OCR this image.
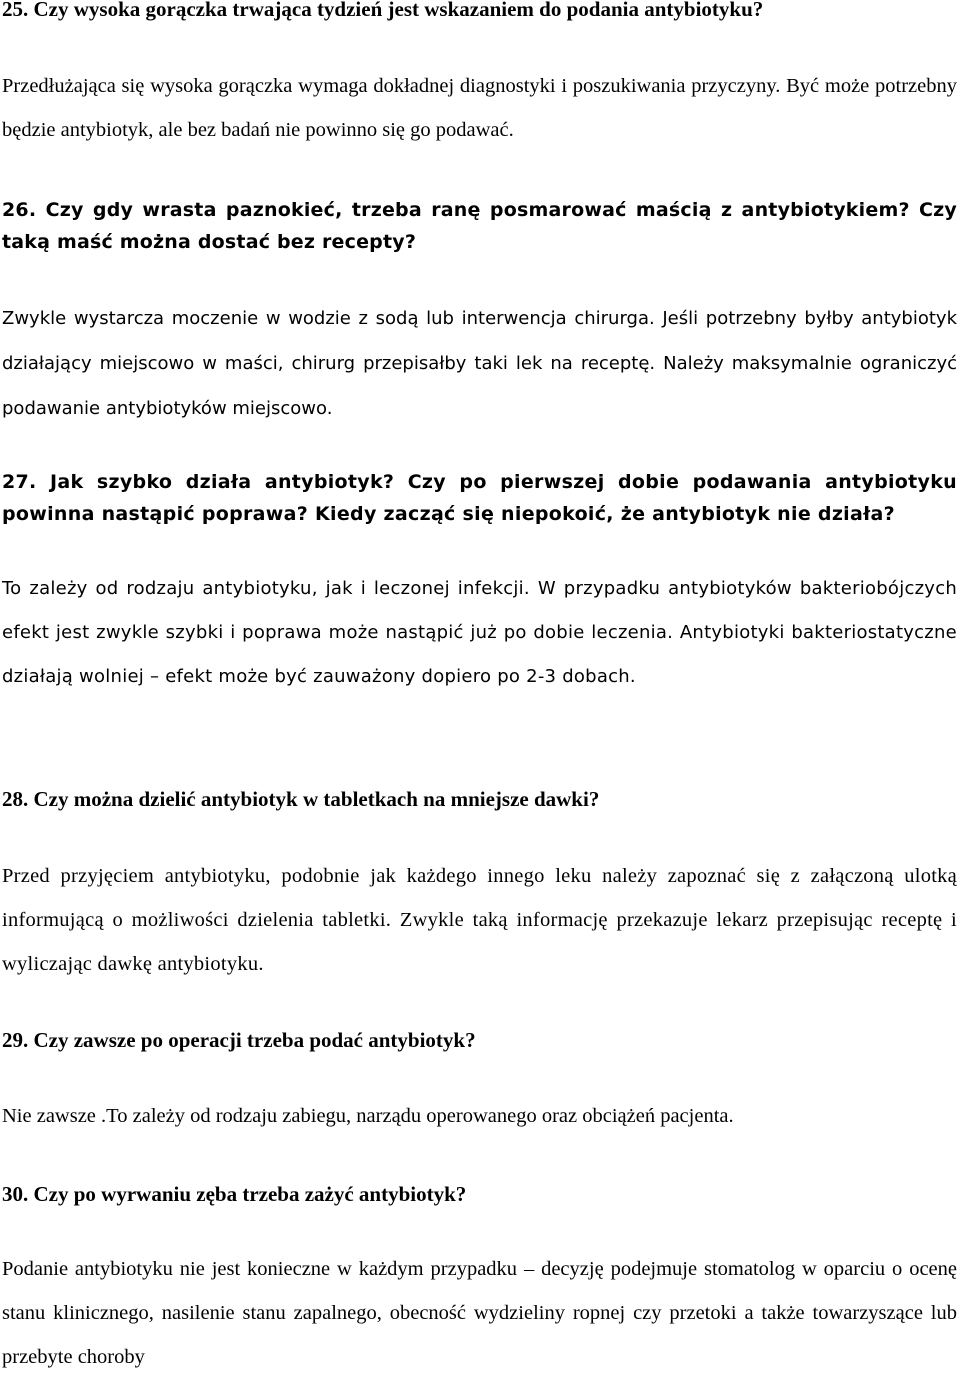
25. Czy wysoka gorączka trwająca tydzień jest wskazaniem do podania antybiotyku?

Przedłużająca się wysoka gorączka wymaga dokładnej diagnostyki i poszukiwania przyczyny. Być może potrzebny będzie antybiotyk, ale bez badań nie powinno się go podawać.

26. Czy gdy wrasta paznokieć, trzeba ranę posmarować maścią z antybiotykiem? Czy taką maść można dostać bez recepty?

Zwykle wystarcza moczenie w wodzie z sodą lub interwencja chirurga. Jeśli potrzebny byłby antybiotyk działający miejscowo w maści, chirurg przepisałby taki lek na receptę. Należy maksymalnie ograniczyć podawanie antybiotyków miejscowo.

27. Jak szybko działa antybiotyk? Czy po pierwszej dobie podawania antybiotyku powinna nastąpić poprawa? Kiedy zacząć się niepokoić, że antybiotyk nie działa?

To zależy od rodzaju antybiotyku, jak i leczonej infekcji. W przypadku antybiotyków bakteriobójczych efekt jest zwykle szybki i poprawa może nastąpić już po dobie leczenia. Antybiotyki bakteriostatyczne działają wolniej – efekt może być zauważony dopiero po 2-3 dobach.

28. Czy można dzielić antybiotyk w tabletkach na mniejsze dawki?

Przed przyjęciem antybiotyku, podobnie jak każdego innego leku należy zapoznać się z załączoną ulotką informującą o możliwości dzielenia tabletki. Zwykle taką informację przekazuje lekarz przepisując receptę i wyliczając dawkę antybiotyku.

29. Czy zawsze po operacji trzeba podać antybiotyk?

Nie zawsze .To zależy od rodzaju zabiegu, narządu operowanego oraz obciążeń pacjenta.

30. Czy po wyrwaniu zęba trzeba zażyć antybiotyk?

Podanie antybiotyku nie jest konieczne w każdym przypadku – decyzję podejmuje stomatolog w oparciu o ocenę stanu klinicznego, nasilenie stanu zapalnego, obecność wydzieliny ropnej czy przetoki a także towarzyszące lub przebyte choroby
